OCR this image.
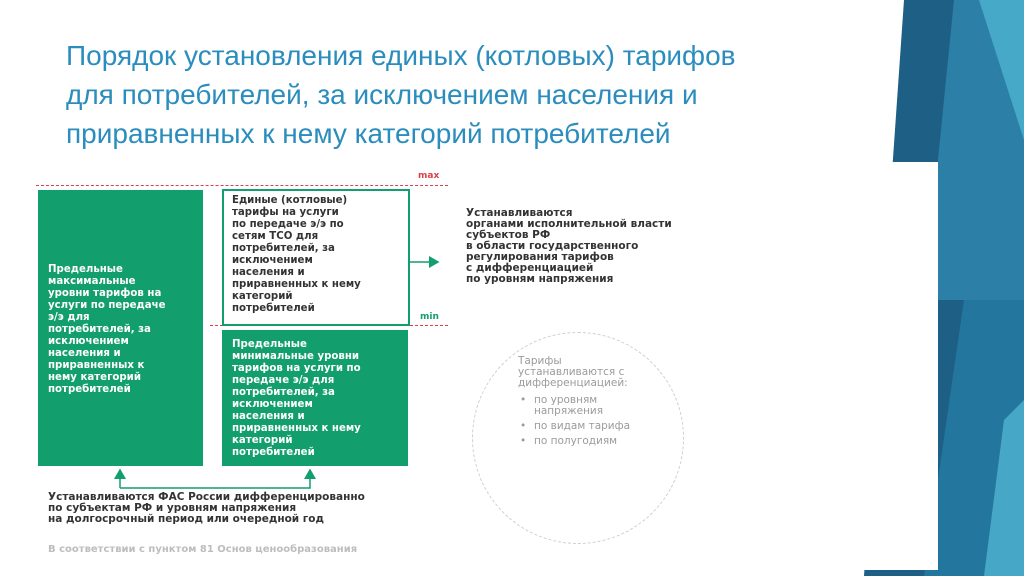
Порядок установления единых (котловых) тарифов
для потребителей, за исключением населения и
приравненных к нему категорий потребителей
max
min
Предельные
максимальные
уровни тарифов на
услуги по передаче
э/э для
потребителей, за
исключением
населения и
приравненных к
нему категорий
потребителей
Единые (котловые)
тарифы на услуги
по передаче э/э по
сетям ТСО для
потребителей, за
исключением
населения и
приравненных к нему
категорий
потребителей
Предельные
минимальные уровни
тарифов на услуги по
передаче э/э для
потребителей, за
исключением
населения и
приравненных к нему
категорий
потребителей
Устанавливаются
органами исполнительной власти
субъектов РФ
в области государственного
регулирования тарифов
с дифференциацией
по уровням напряжения
Тарифы
устанавливаются с
дифференциацией:
• по уровням
напряжения
• по видам тарифа
• по полугодиям
Устанавливаются ФАС России дифференцированно
по субъектам РФ и уровням напряжения
на долгосрочный период или очередной год
В соответствии с пунктом 81 Основ ценообразования
